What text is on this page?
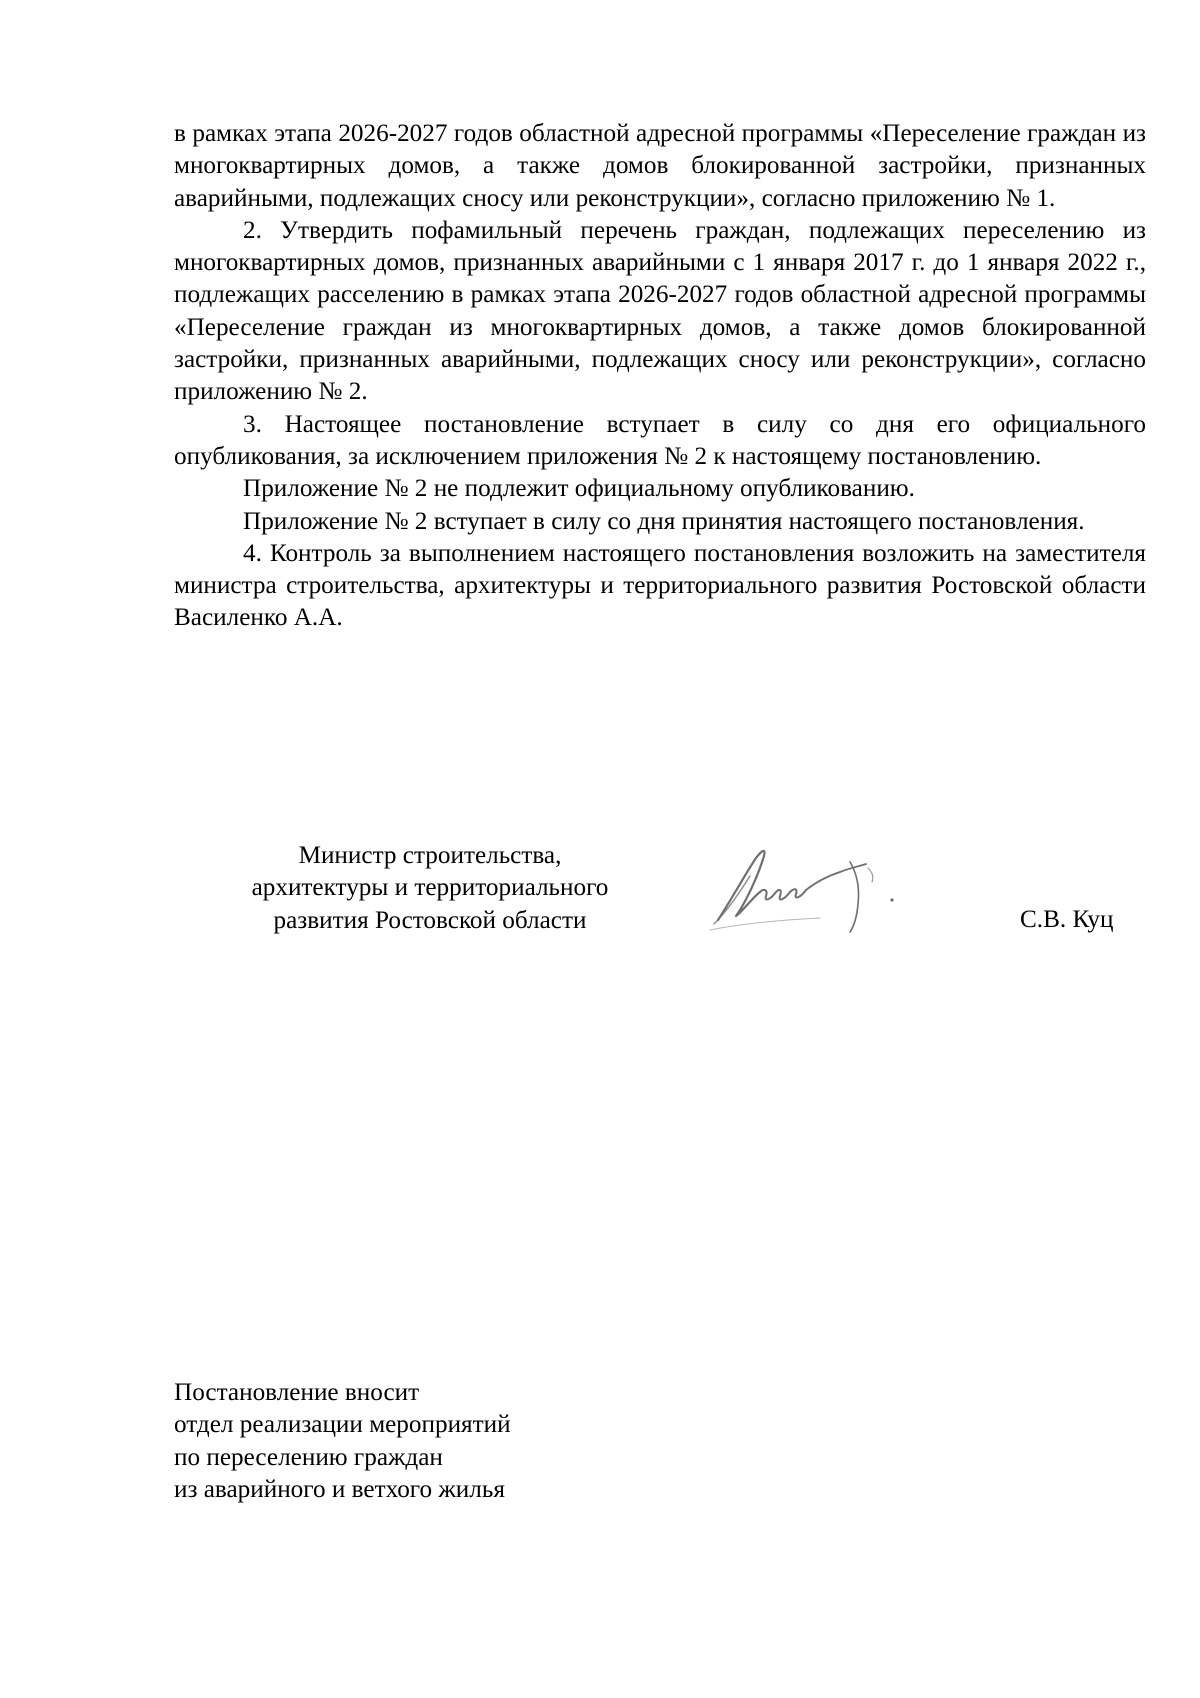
в рамках этапа 2026-2027 годов областной адресной программы «Переселение граждан из многоквартирных домов, а также домов блокированной застройки, признанных аварийными, подлежащих сносу или реконструкции», согласно приложению № 1.

2. Утвердить пофамильный перечень граждан, подлежащих переселению из многоквартирных домов, признанных аварийными с 1 января 2017 г. до 1 января 2022 г., подлежащих расселению в рамках этапа 2026-2027 годов областной адресной программы «Переселение граждан из многоквартирных домов, а также домов блокированной застройки, признанных аварийными, подлежащих сносу или реконструкции», согласно приложению № 2.

3. Настоящее постановление вступает в силу со дня его официального опубликования, за исключением приложения № 2 к настоящему постановлению.

Приложение № 2 не подлежит официальному опубликованию.

Приложение № 2 вступает в силу со дня принятия настоящего постановления.

4. Контроль за выполнением настоящего постановления возложить на заместителя министра строительства, архитектуры и территориального развития Ростовской области Василенко А.А.

Министр строительства,
архитектуры и территориального
развития Ростовской области	С.В. Куц
Постановление вносит
отдел реализации мероприятий
по переселению граждан
из аварийного и ветхого жилья
